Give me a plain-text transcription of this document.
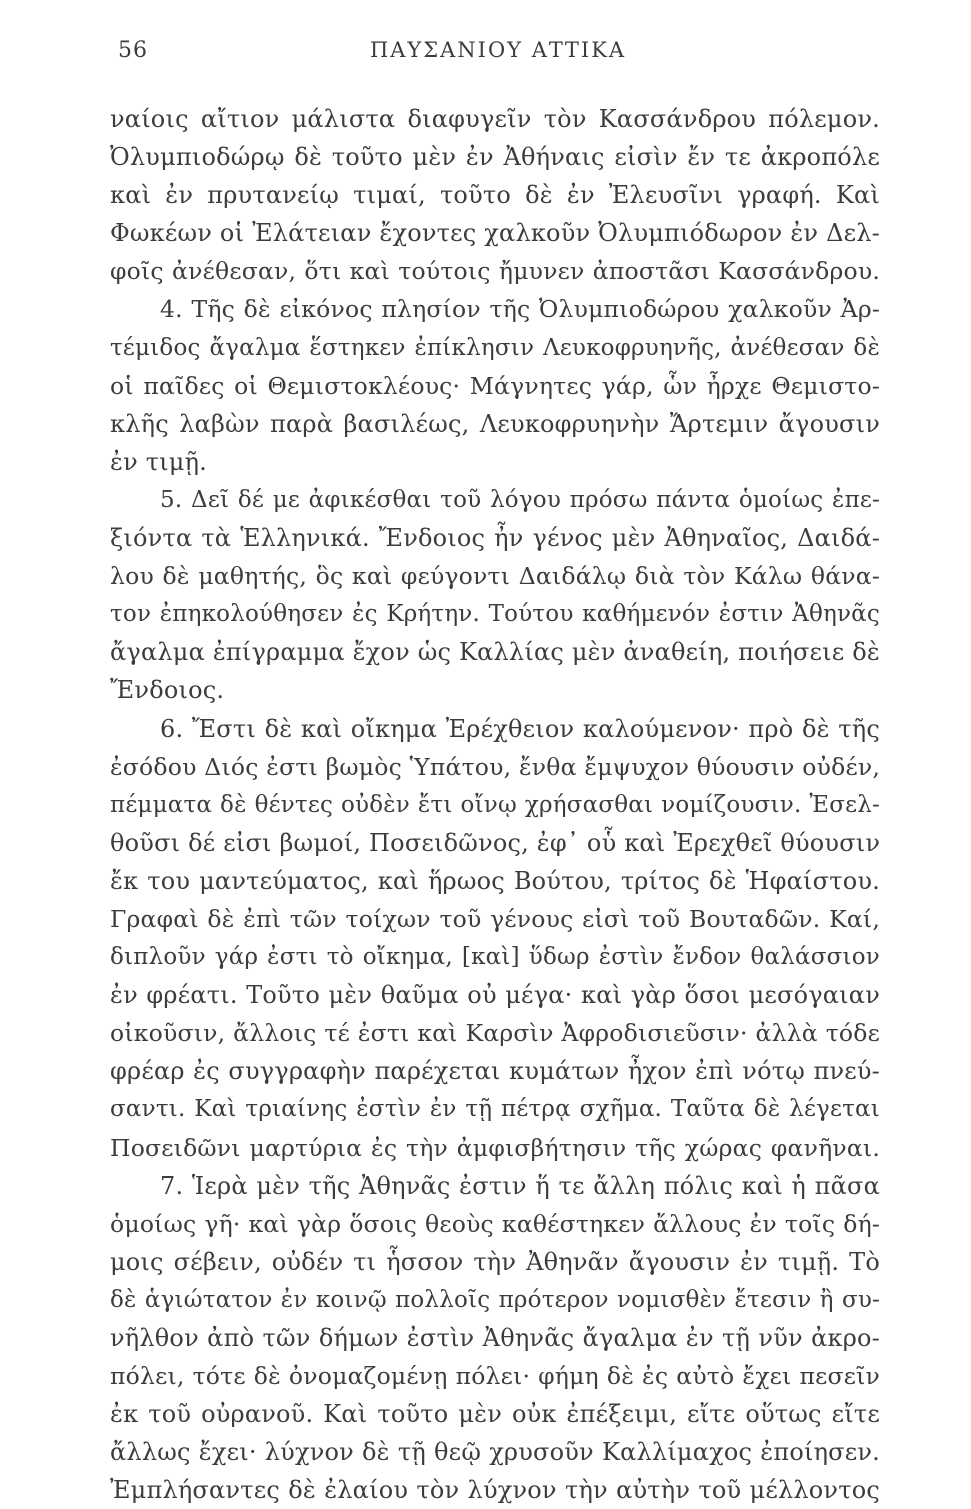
56	ΠΑΥΣΑΝΙΟΥ ΑΤΤΙΚΑ
ναίοις αἴτιον μάλιστα διαφυγεῖν τὸν Κασσάνδρου πόλεμον.
Ὀλυμπιοδώρῳ δὲ τοῦτο μὲν ἐν Ἀθήναις εἰσὶν ἔν τε ἀκροπόλε
καὶ ἐν πρυτανείῳ τιμαί, τοῦτο δὲ ἐν Ἐλευσῖνι γραφή. Καὶ
Φωκέων οἱ Ἐλάτειαν ἔχοντες χαλκοῦν Ὀλυμπιόδωρον ἐν Δελ-
φοῖς ἀνέθεσαν, ὅτι καὶ τούτοις ἤμυνεν ἀποστᾶσι Κασσάνδρου.
4. Τῆς δὲ εἰκόνος πλησίον τῆς Ὀλυμπιοδώρου χαλκοῦν Ἀρ-
τέμιδος ἄγαλμα ἕστηκεν ἐπίκλησιν Λευκοφρυηνῆς, ἀνέθεσαν δὲ
οἱ παῖδες οἱ Θεμιστοκλέους· Μάγνητες γάρ, ὧν ἦρχε Θεμιστο-
κλῆς λαβὼν παρὰ βασιλέως, Λευκοφρυηνὴν Ἄρτεμιν ἄγουσιν
ἐν τιμῇ.
5. Δεῖ δέ με ἀφικέσθαι τοῦ λόγου πρόσω πάντα ὁμοίως ἐπε-
ξιόντα τὰ Ἑλληνικά. Ἔνδοιος ἦν γένος μὲν Ἀθηναῖος, Δαιδά-
λου δὲ μαθητής, ὃς καὶ φεύγοντι Δαιδάλῳ διὰ τὸν Κάλω θάνα-
τον ἐπηκολούθησεν ἐς Κρήτην. Τούτου καθήμενόν ἐστιν Ἀθηνᾶς
ἄγαλμα ἐπίγραμμα ἔχον ὡς Καλλίας μὲν ἀναθείη, ποιήσειε δὲ
Ἔνδοιος.
6. Ἔστι δὲ καὶ οἴκημα Ἐρέχθειον καλούμενον· πρὸ δὲ τῆς
ἐσόδου Διός ἐστι βωμὸς Ὑπάτου, ἔνθα ἔμψυχον θύουσιν οὐδέν,
πέμματα δὲ θέντες οὐδὲν ἔτι οἴνῳ χρήσασθαι νομίζουσιν. Ἐσελ-
θοῦσι δέ εἰσι βωμοί, Ποσειδῶνος, ἐφ᾽ οὗ καὶ Ἐρεχθεῖ θύουσιν
ἔκ του μαντεύματος, καὶ ἥρωος Βούτου, τρίτος δὲ Ἡφαίστου.
Γραφαὶ δὲ ἐπὶ τῶν τοίχων τοῦ γένους εἰσὶ τοῦ Βουταδῶν. Καί,
διπλοῦν γάρ ἐστι τὸ οἴκημα, [καὶ] ὕδωρ ἐστὶν ἔνδον θαλάσσιον
ἐν φρέατι. Τοῦτο μὲν θαῦμα οὐ μέγα· καὶ γὰρ ὅσοι μεσόγαιαν
οἰκοῦσιν, ἄλλοις τέ ἐστι καὶ Καρσὶν Ἀφροδισιεῦσιν· ἀλλὰ τόδε
φρέαρ ἐς συγγραφὴν παρέχεται κυμάτων ἦχον ἐπὶ νότῳ πνεύ-
σαντι. Καὶ τριαίνης ἐστὶν ἐν τῇ πέτρᾳ σχῆμα. Ταῦτα δὲ λέγεται
Ποσειδῶνι μαρτύρια ἐς τὴν ἀμφισβήτησιν τῆς χώρας φανῆναι.
7. Ἱερὰ μὲν τῆς Ἀθηνᾶς ἐστιν ἥ τε ἄλλη πόλις καὶ ἡ πᾶσα
ὁμοίως γῆ· καὶ γὰρ ὅσοις θεοὺς καθέστηκεν ἄλλους ἐν τοῖς δή-
μοις σέβειν, οὐδέν τι ἧσσον τὴν Ἀθηνᾶν ἄγουσιν ἐν τιμῇ. Τὸ
δὲ ἁγιώτατον ἐν κοινῷ πολλοῖς πρότερον νομισθὲν ἔτεσιν ἢ συ-
νῆλθον ἀπὸ τῶν δήμων ἐστὶν Ἀθηνᾶς ἄγαλμα ἐν τῇ νῦν ἀκρο-
πόλει, τότε δὲ ὀνομαζομένῃ πόλει· φήμη δὲ ἐς αὐτὸ ἔχει πεσεῖν
ἐκ τοῦ οὐρανοῦ. Καὶ τοῦτο μὲν οὐκ ἐπέξειμι, εἴτε οὕτως εἴτε
ἄλλως ἔχει· λύχνον δὲ τῇ θεῷ χρυσοῦν Καλλίμαχος ἐποίησεν.
Ἐμπλήσαντες δὲ ἐλαίου τὸν λύχνον τὴν αὐτὴν τοῦ μέλλοντος
